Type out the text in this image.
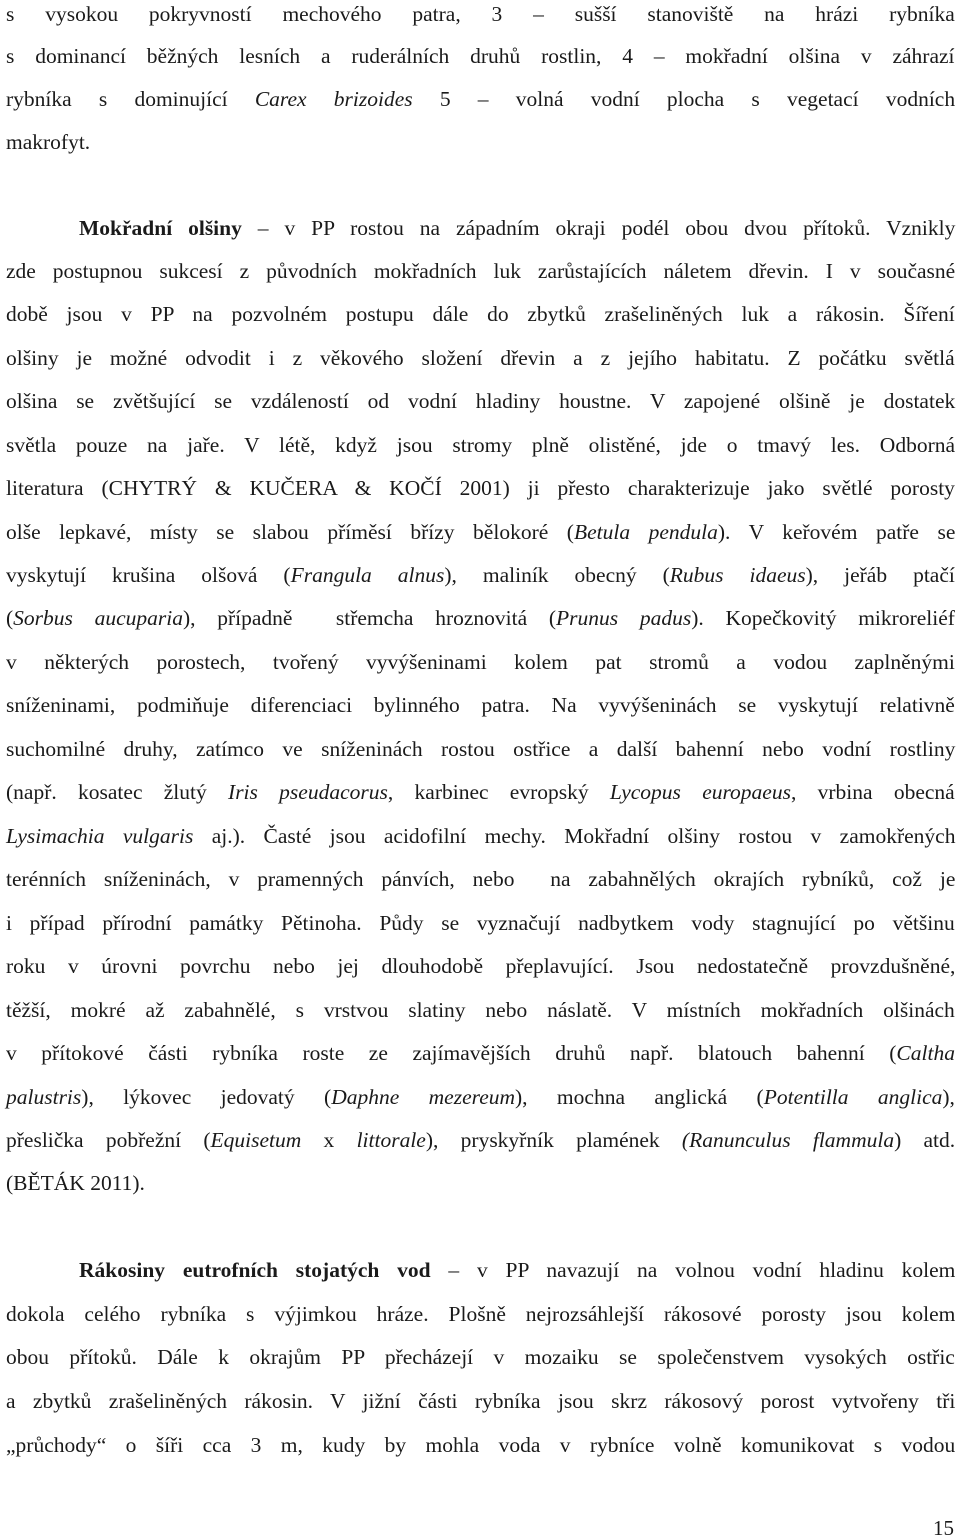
s vysokou pokryvností mechového patra, 3 – sušší stanoviště na hrázi rybníka
s dominancí běžných lesních a ruderálních druhů rostlin, 4 – mokřadní olšina v záhrazí
rybníka s dominující Carex brizoides 5 – volná vodní plocha s vegetací vodních
makrofyt.
Mokřadní olšiny – v PP rostou na západním okraji podél obou dvou přítoků. Vznikly
zde postupnou sukcesí z původních mokřadních luk zarůstajících náletem dřevin. I v současné
době jsou v PP na pozvolném postupu dále do zbytků zrašeliněných luk a rákosin. Šíření
olšiny je možné odvodit i z věkového složení dřevin a z jejího habitatu. Z počátku světlá
olšina se zvětšující se vzdáleností od vodní hladiny houstne. V zapojené olšině je dostatek
světla pouze na jaře. V létě, když jsou stromy plně olistěné, jde o tmavý les. Odborná
literatura (CHYTRÝ & KUČERA & KOČÍ 2001) ji přesto charakterizuje jako světlé porosty
olše lepkavé, místy se slabou příměsí břízy bělokoré (Betula pendula). V keřovém patře se
vyskytují krušina olšová (Frangula alnus), maliník obecný (Rubus idaeus), jeřáb ptačí
(Sorbus aucuparia), případně  střemcha hroznovitá (Prunus padus). Kopečkovitý mikroreliéf
v některých porostech, tvořený vyvýšeninami kolem pat stromů a vodou zaplněnými
sníženinami, podmiňuje diferenciaci bylinného patra. Na vyvýšeninách se vyskytují relativně
suchomilné druhy, zatímco ve sníženinách rostou ostřice a další bahenní nebo vodní rostliny
(např. kosatec žlutý Iris pseudacorus, karbinec evropský Lycopus europaeus, vrbina obecná
Lysimachia vulgaris aj.). Časté jsou acidofilní mechy. Mokřadní olšiny rostou v zamokřených
terénních sníženinách, v pramenných pánvích, nebo  na zabahnělých okrajích rybníků, což je
i případ přírodní památky Pětinoha. Půdy se vyznačují nadbytkem vody stagnující po většinu
roku v úrovni povrchu nebo jej dlouhodobě přeplavující. Jsou nedostatečně provzdušněné,
těžší, mokré až zabahnělé, s vrstvou slatiny nebo náslatě. V místních mokřadních olšinách
v přítokové části rybníka roste ze zajímavějších druhů např. blatouch bahenní (Caltha
palustris), lýkovec jedovatý (Daphne mezereum), mochna anglická (Potentilla anglica),
přeslička pobřežní (Equisetum x littorale), pryskyřník plamének (Ranunculus flammula) atd.
(BĚTÁK 2011).
Rákosiny eutrofních stojatých vod – v PP navazují na volnou vodní hladinu kolem
dokola celého rybníka s výjimkou hráze. Plošně nejrozsáhlejší rákosové porosty jsou kolem
obou přítoků. Dále k okrajům PP přecházejí v mozaiku se společenstvem vysokých ostřic
a zbytků zrašeliněných rákosin. V jižní části rybníka jsou skrz rákosový porost vytvořeny tři
„průchody“ o šíři cca 3 m, kudy by mohla voda v rybníce volně komunikovat s vodou
15
